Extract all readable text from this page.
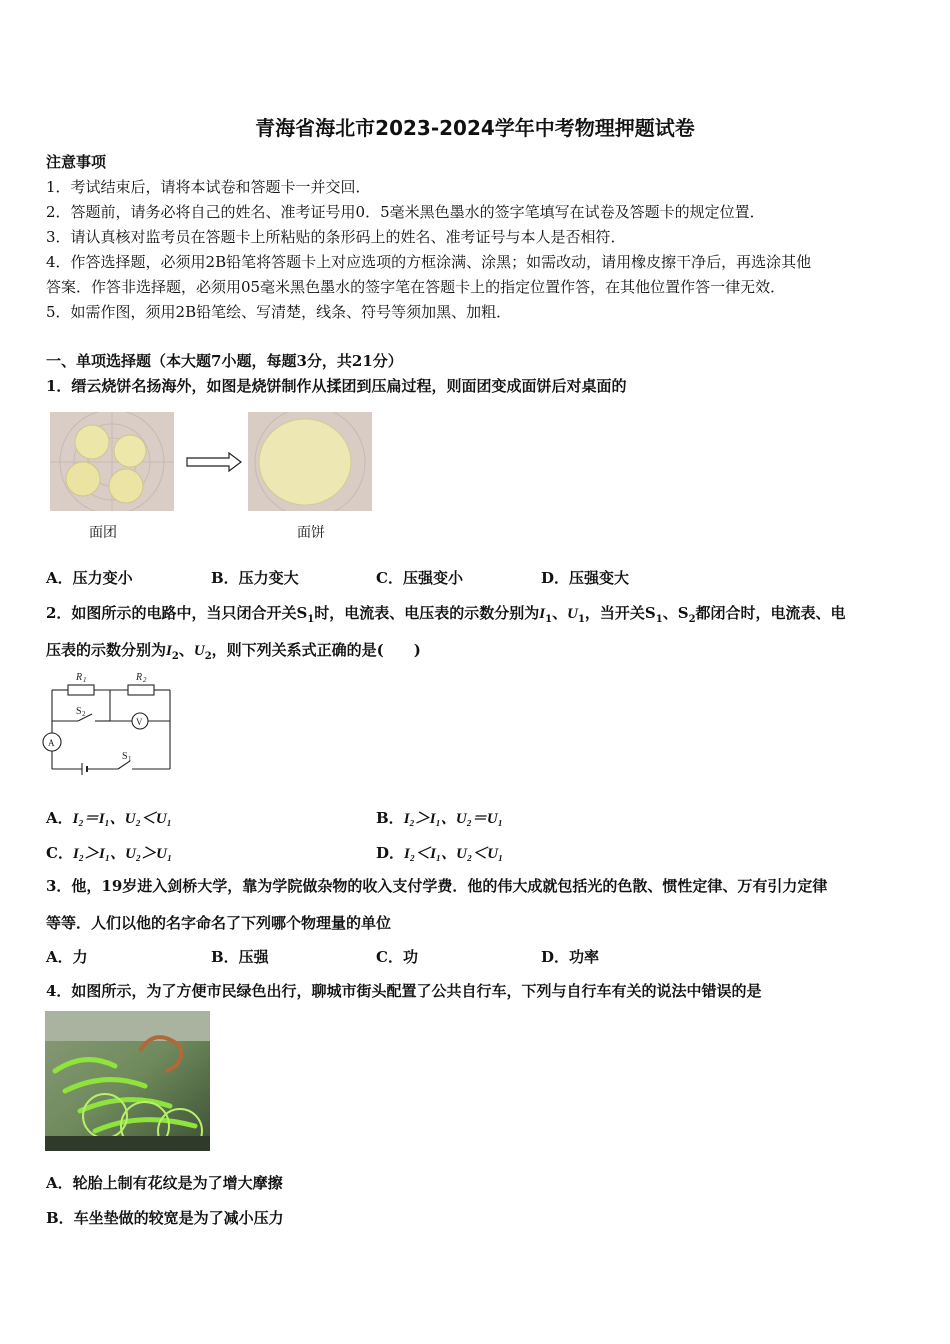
青海省海北市2023-2024学年中考物理押题试卷
注意事项
1．考试结束后，请将本试卷和答题卡一并交回．
2．答题前，请务必将自己的姓名、准考证号用0．5毫米黑色墨水的签字笔填写在试卷及答题卡的规定位置．
3．请认真核对监考员在答题卡上所粘贴的条形码上的姓名、准考证号与本人是否相符．
4．作答选择题，必须用2B铅笔将答题卡上对应选项的方框涂满、涂黑；如需改动，请用橡皮擦干净后，再选涂其他
答案．作答非选择题，必须用05毫米黑色墨水的签字笔在答题卡上的指定位置作答，在其他位置作答一律无效．
5．如需作图，须用2B铅笔绘、写清楚，线条、符号等须加黑、加粗．
一、单项选择题（本大题7小题，每题3分，共21分）
1．缙云烧饼名扬海外，如图是烧饼制作从揉团到压扁过程，则面团变成面饼后对桌面的
面团	面饼
A．压力变小	B．压力变大	C．压强变小	D．压强变大
2．如图所示的电路中，当只闭合开关$S_1$时，电流表、电压表的示数分别为$I_1$、$U_1$，当开关$S_1$、$S_2$都闭合时，电流表、电
压表的示数分别为$I_2$、$U_2$，则下列关系式正确的是(　　)
R 1	R 2
S 2
S 1
A
V
A．I₂＝I₁、U₂＜U₁	B．I₂＞I₁、U₂＝U₁
C．I₂＞I₁、U₂＞U₁	D．I₂＜I₁、U₂＜U₁
3．他，19岁进入剑桥大学，靠为学院做杂物的收入支付学费．他的伟大成就包括光的色散、惯性定律、万有引力定律
等等．人们以他的名字命名了下列哪个物理量的单位
A．力	B．压强	C．功	D．功率
4．如图所示，为了方便市民绿色出行，聊城市街头配置了公共自行车，下列与自行车有关的说法中错误的是
A．轮胎上制有花纹是为了增大摩擦
B．车坐垫做的较宽是为了减小压力
